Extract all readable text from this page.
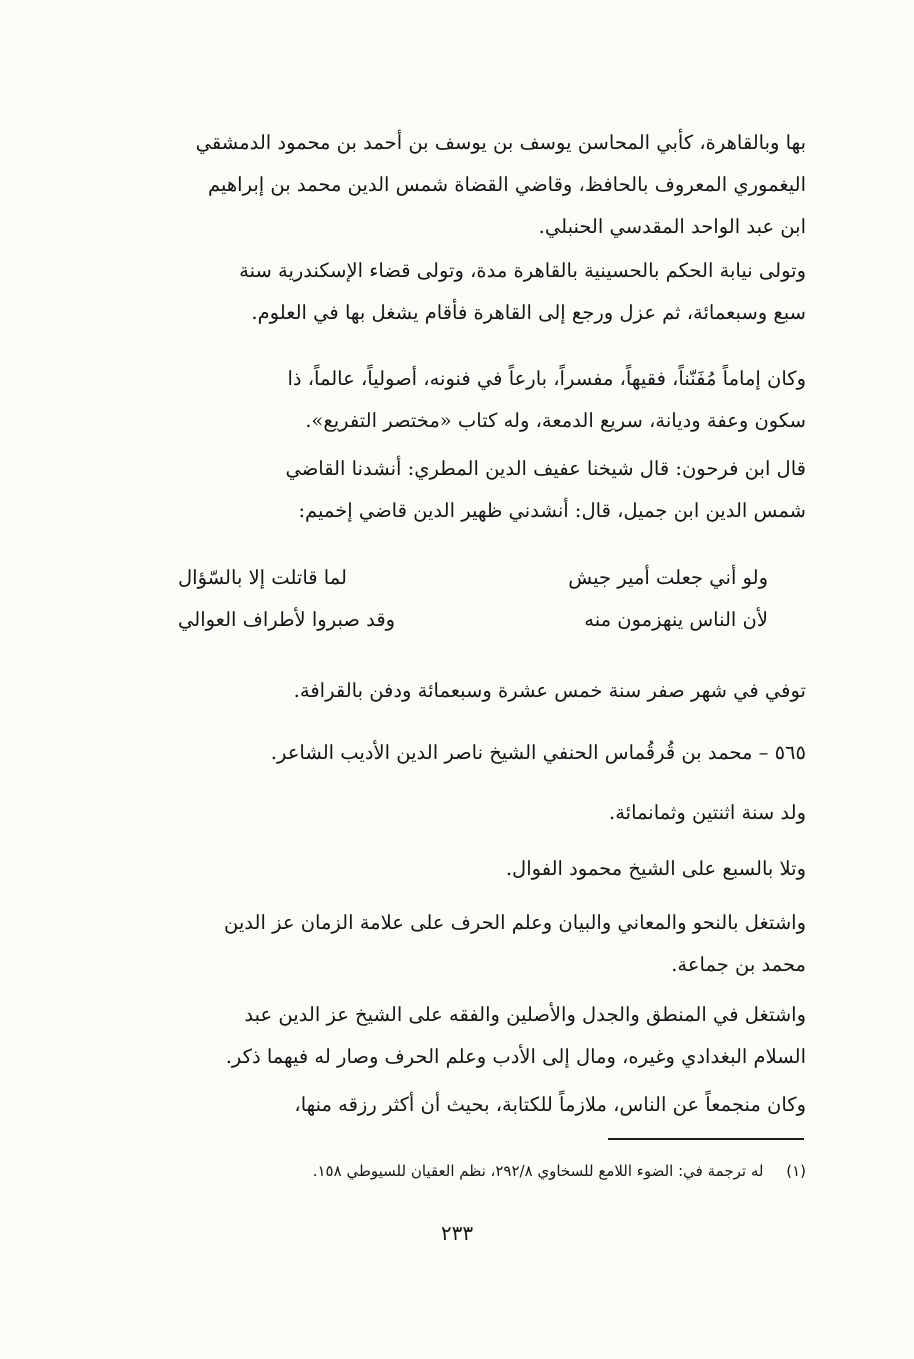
بها وبالقاهرة، كأبي المحاسن يوسف بن يوسف بن أحمد بن محمود الدمشقي
اليغموري المعروف بالحافظ، وقاضي القضاة شمس الدين محمد بن إبراهيم
ابن عبد الواحد المقدسي الحنبلي.
وتولى نيابة الحكم بالحسينية بالقاهرة مدة، وتولى قضاء الإسكندرية سنة
سبع وسبعمائة، ثم عزل ورجع إلى القاهرة فأقام يشغل بها في العلوم.
وكان إماماً مُفَنّناً، فقيهاً، مفسراً، بارعاً في فنونه، أصولياً، عالماً، ذا
سكون وعفة وديانة، سريع الدمعة، وله كتاب «مختصر التفريع».
قال ابن فرحون: قال شيخنا عفيف الدين المطري: أنشدنا القاضي
شمس الدين ابن جميل، قال: أنشدني ظهير الدين قاضي إخميم:
ولو أني جعلت أمير جيش
لما قاتلت إلا بالسّؤال
لأن الناس ينهزمون منه
وقد صبروا لأطراف العوالي
توفي في شهر صفر سنة خمس عشرة وسبعمائة ودفن بالقرافة.
٥٦٥ – محمد بن قُرقُماس الحنفي الشيخ ناصر الدين الأديب الشاعر.
ولد سنة اثنتين وثمانمائة.
وتلا بالسبع على الشيخ محمود الفوال.
واشتغل بالنحو والمعاني والبيان وعلم الحرف على علامة الزمان عز الدين
محمد بن جماعة.
واشتغل في المنطق والجدل والأصلين والفقه على الشيخ عز الدين عبد
السلام البغدادي وغيره، ومال إلى الأدب وعلم الحرف وصار له فيهما ذكر.
وكان منجمعاً عن الناس، ملازماً للكتابة، بحيث أن أكثر رزقه منها،
(١) له ترجمة في: الضوء اللامع للسخاوي ٢٩٢/٨، نظم العقيان للسيوطي ١٥٨.
٢٣٣
